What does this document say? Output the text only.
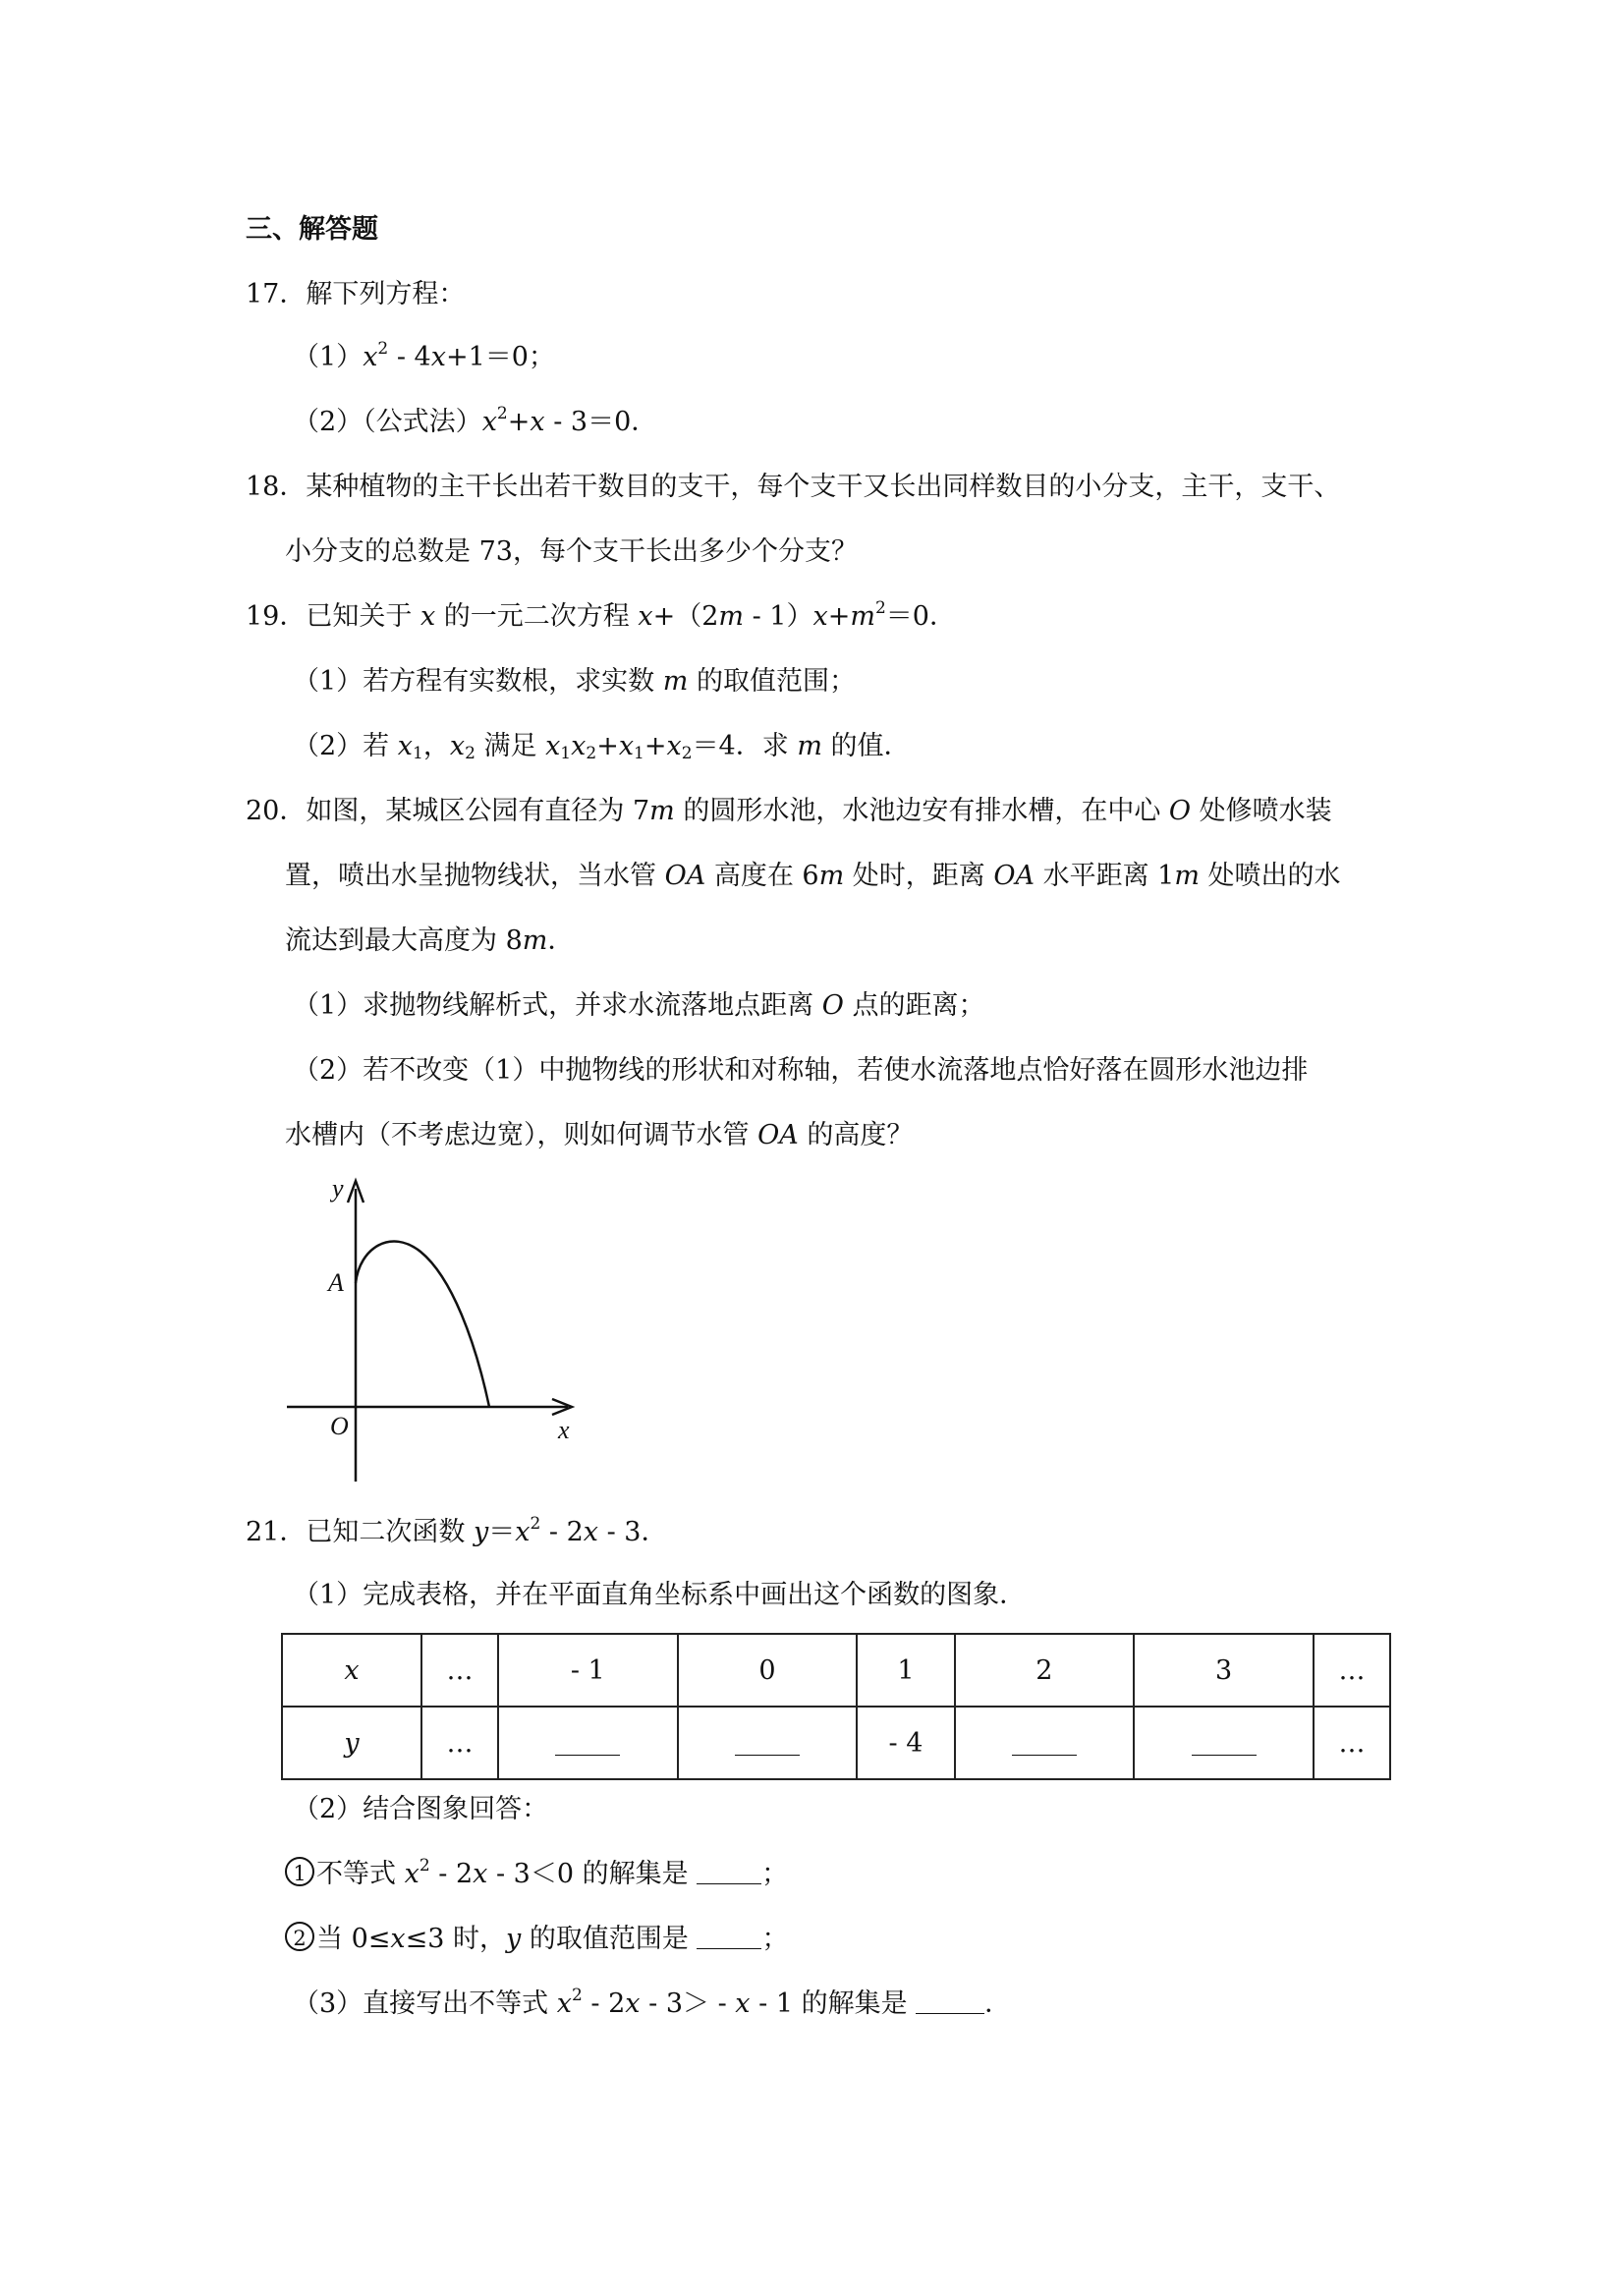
三、解答题
17．解下列方程：
$(1)x^2 - 4x+1=0$；
（2）（公式法）$x^2+x - 3=0$．
18．某种植物的主干长出若干数目的支干，每个支干又长出同样数目的小分支，主干，支干、
小分支的总数是 73，每个支干长出多少个分支？
19．已知关于 x 的一元二次方程 $x+(2m - 1)x+m^2=0$．
（1）若方程有实数根，求实数 m 的取值范围；
（2）若 $x_1$，$x_2$ 满足 $x_1x_2+x_1+x_2=4$．求 m 的值．
20．如图，某城区公园有直径为 7m 的圆形水池，水池边安有排水槽，在中心 O 处修喷水装
置，喷出水呈抛物线状，当水管 OA 高度在 6m 处时，距离 OA 水平距离 1m 处喷出的水
流达到最大高度为 8m．
（1）求抛物线解析式，并求水流落地点距离 O 点的距离；
（2）若不改变（1）中抛物线的形状和对称轴，若使水流落地点恰好落在圆形水池边排
水槽内（不考虑边宽），则如何调节水管 OA 的高度？
y
x
A
O
21．已知二次函数 $y=x^2 - 2x - 3$．
（1）完成表格，并在平面直角坐标系中画出这个函数的图象．
x	…	- 1	0	1	2	3	…
y	…			- 4			…
（2）结合图象回答：
1 不等式 $x^2 - 2x - 3<0$ 的解集是 ；
2 当 0≤x≤3 时，y 的取值范围是 ；
（3）直接写出不等式 $x^2 - 2x - 3> - x - 1$ 的解集是	．
